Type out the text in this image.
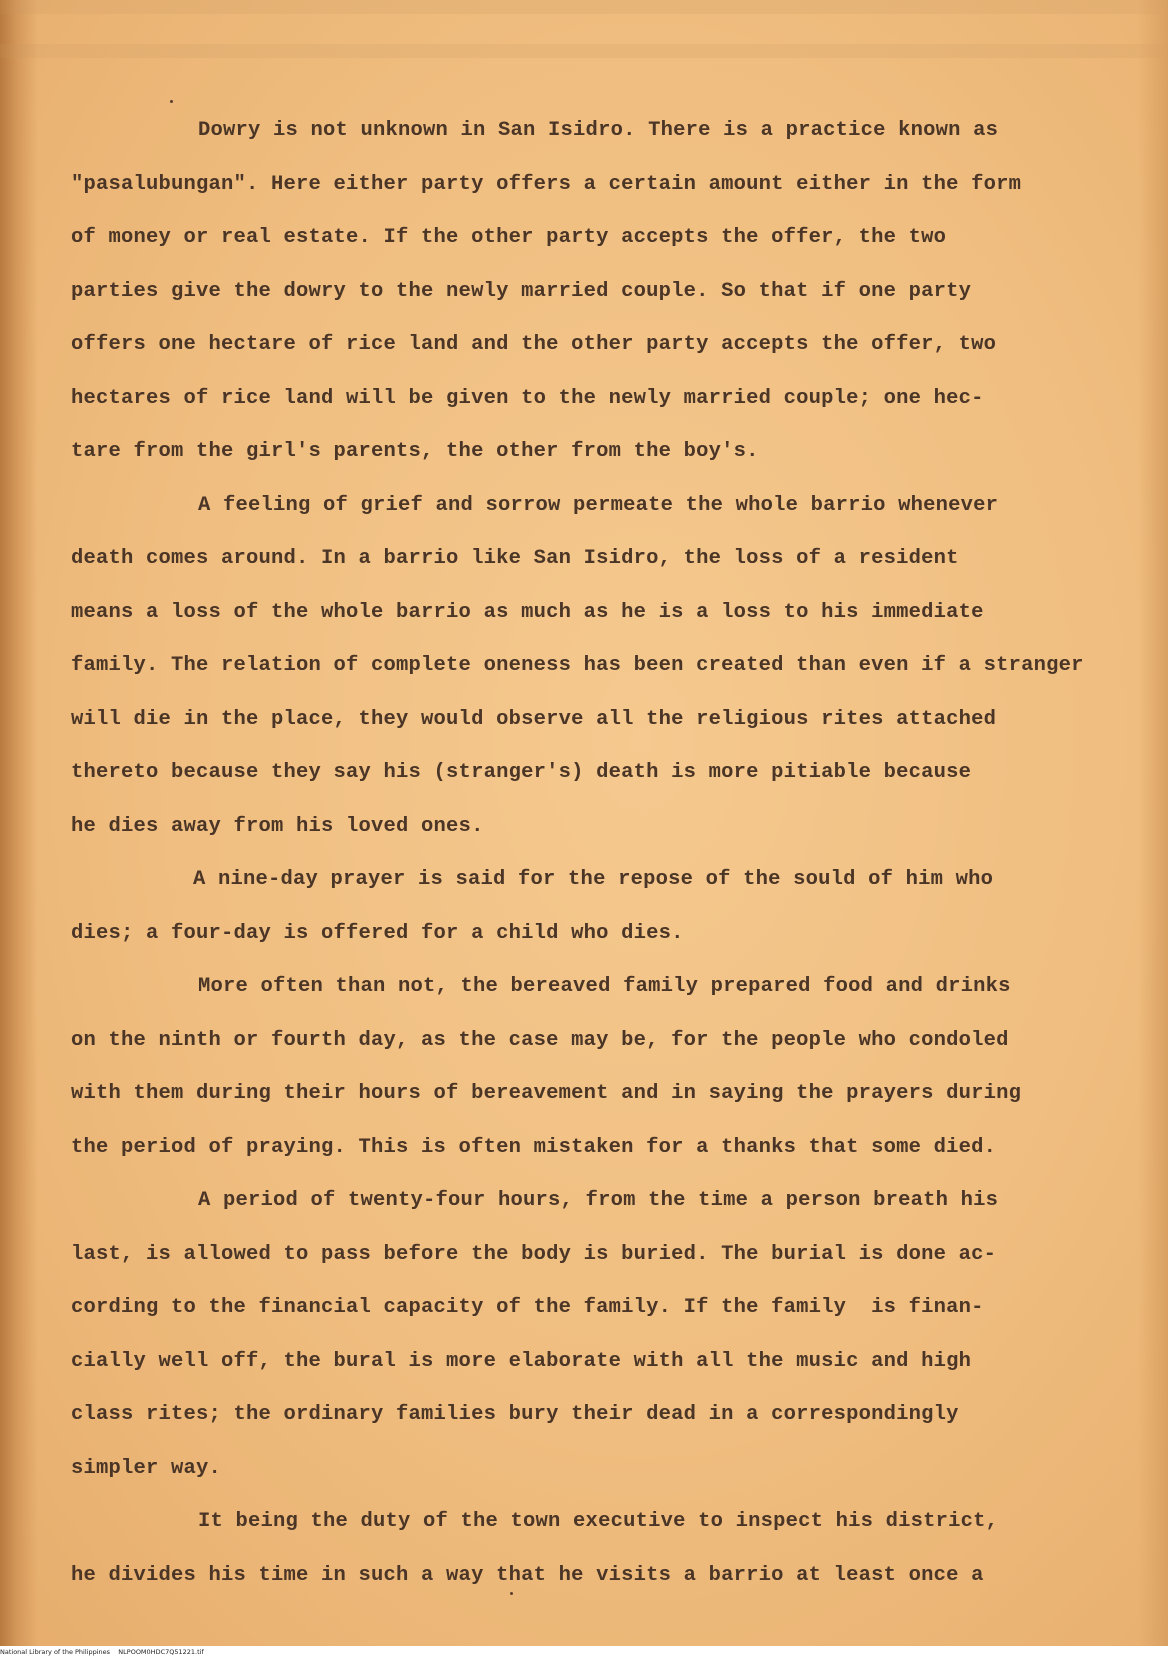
Dowry is not unknown in San Isidro. There is a practice known as
"pasalubungan". Here either party offers a certain amount either in the form
of money or real estate. If the other party accepts the offer, the two
parties give the dowry to the newly married couple. So that if one party
offers one hectare of rice land and the other party accepts the offer, two
hectares of rice land will be given to the newly married couple; one hec-
tare from the girl's parents, the other from the boy's.
A feeling of grief and sorrow permeate the whole barrio whenever
death comes around. In a barrio like San Isidro, the loss of a resident
means a loss of the whole barrio as much as he is a loss to his immediate
family. The relation of complete oneness has been created than even if a stranger
will die in the place, they would observe all the religious rites attached
thereto because they say his (stranger's) death is more pitiable because
he dies away from his loved ones.
A nine-day prayer is said for the repose of the sould of him who
dies; a four-day is offered for a child who dies.
More often than not, the bereaved family prepared food and drinks
on the ninth or fourth day, as the case may be, for the people who condoled
with them during their hours of bereavement and in saying the prayers during
the period of praying. This is often mistaken for a thanks that some died.
A period of twenty-four hours, from the time a person breath his
last, is allowed to pass before the body is buried. The burial is done ac-
cording to the financial capacity of the family. If the family  is finan-
cially well off, the bural is more elaborate with all the music and high
class rites; the ordinary families bury their dead in a correspondingly
simpler way.
It being the duty of the town executive to inspect his district,
he divides his time in such a way that he visits a barrio at least once a
National Library of the Philippines NLPOOM0HDC7Q51221.tif
